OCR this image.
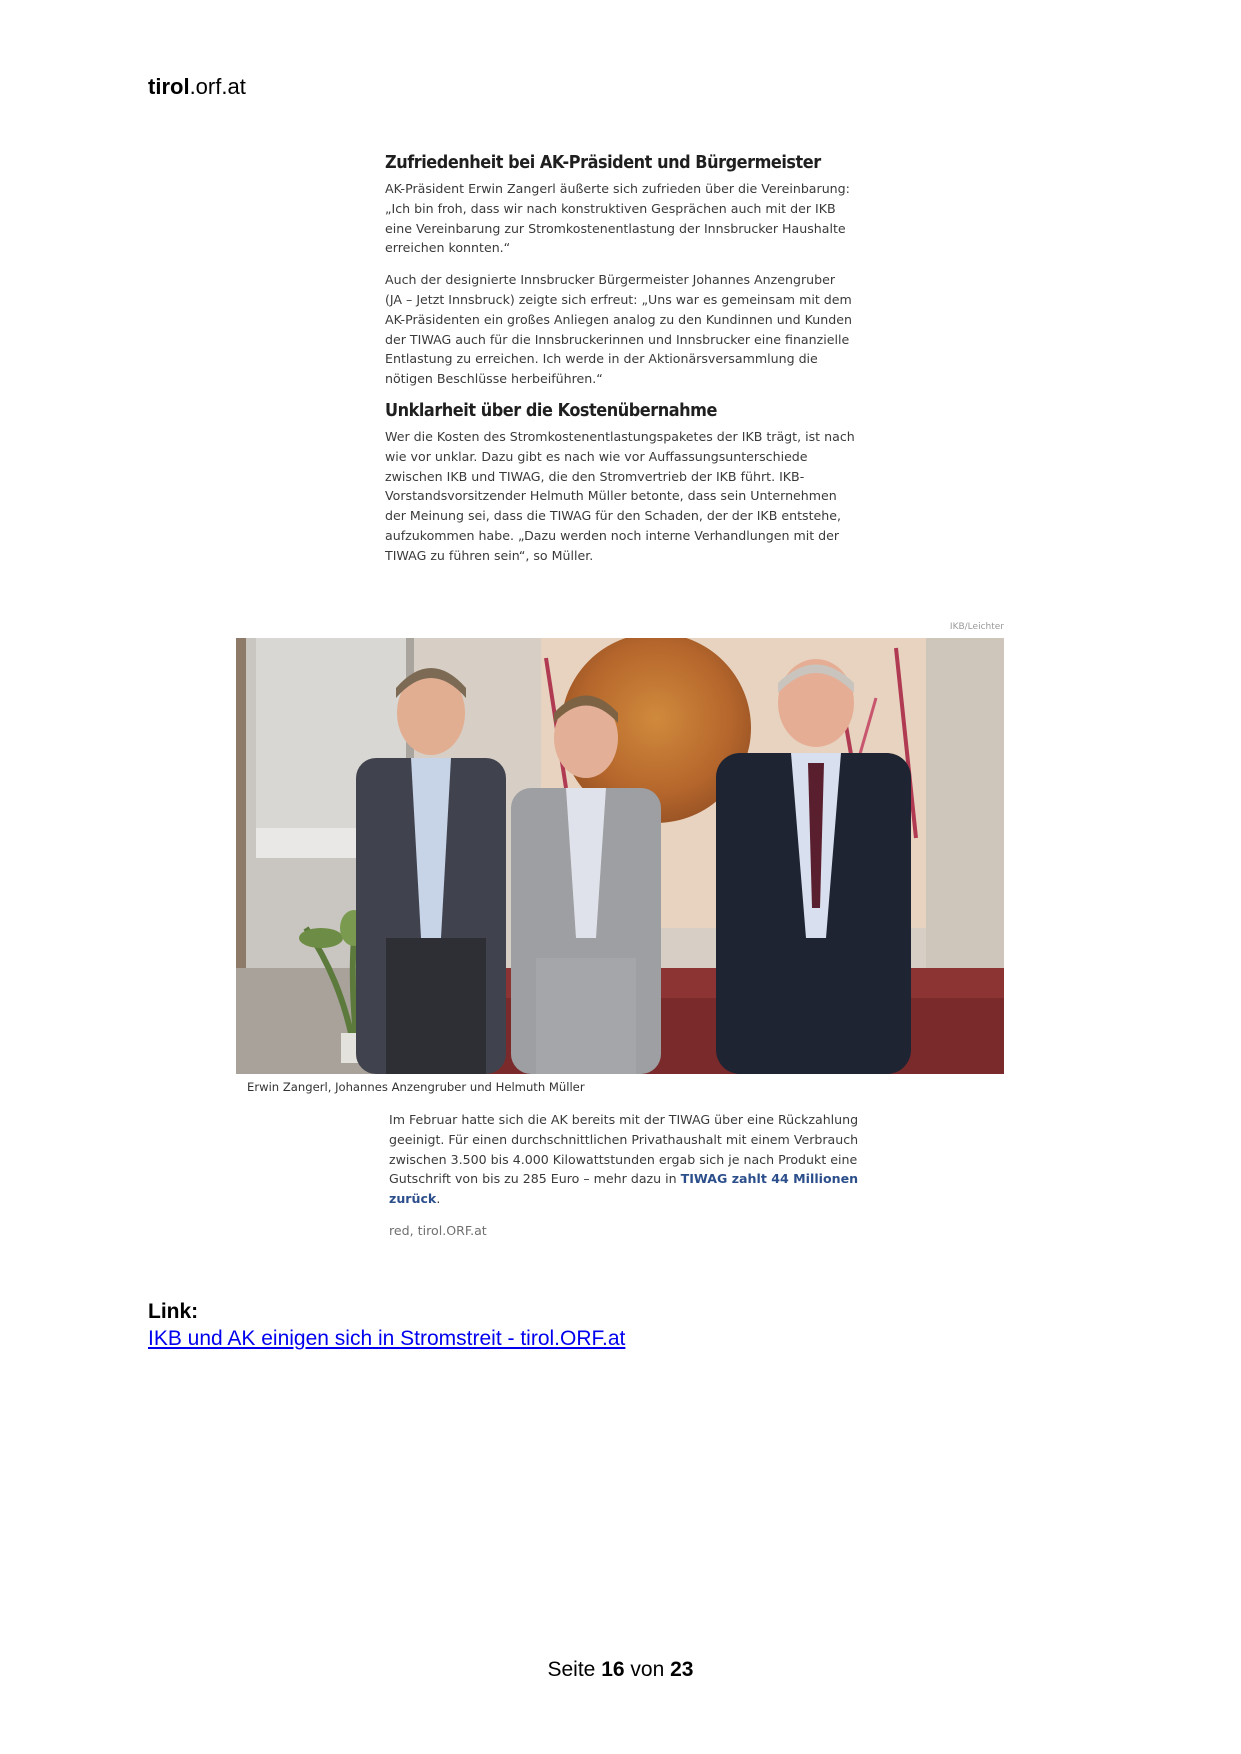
tirol.orf.at
Zufriedenheit bei AK-Präsident und Bürgermeister

AK-Präsident Erwin Zangerl äußerte sich zufrieden über die Vereinbarung: „Ich bin froh, dass wir nach konstruktiven Gesprächen auch mit der IKB eine Vereinbarung zur Stromkostenentlastung der Innsbrucker Haushalte erreichen konnten.“

Auch der designierte Innsbrucker Bürgermeister Johannes Anzengruber (JA – Jetzt Innsbruck) zeigte sich erfreut: „Uns war es gemeinsam mit dem AK-Präsidenten ein großes Anliegen analog zu den Kundinnen und Kunden der TIWAG auch für die Innsbruckerinnen und Innsbrucker eine finanzielle Entlastung zu erreichen. Ich werde in der Aktionärsversammlung die nötigen Beschlüsse herbeiführen.“

Unklarheit über die Kostenübernahme

Wer die Kosten des Stromkostenentlastungspaketes der IKB trägt, ist nach wie vor unklar. Dazu gibt es nach wie vor Auffassungsunterschiede zwischen IKB und TIWAG, die den Stromvertrieb der IKB führt. IKB-Vorstandsvorsitzender Helmuth Müller betonte, dass sein Unternehmen der Meinung sei, dass die TIWAG für den Schaden, der der IKB entstehe, aufzukommen habe. „Dazu werden noch interne Verhandlungen mit der TIWAG zu führen sein“, so Müller.

IKB/Leichter
Erwin Zangerl, Johannes Anzengruber und Helmuth Müller

Im Februar hatte sich die AK bereits mit der TIWAG über eine Rückzahlung geeinigt. Für einen durchschnittlichen Privathaushalt mit einem Verbrauch zwischen 3.500 bis 4.000 Kilowattstunden ergab sich je nach Produkt eine Gutschrift von bis zu 285 Euro – mehr dazu in TIWAG zahlt 44 Millionen zurück.

red, tirol.ORF.at
Link:
IKB und AK einigen sich in Stromstreit - tirol.ORF.at
Seite 16 von 23
